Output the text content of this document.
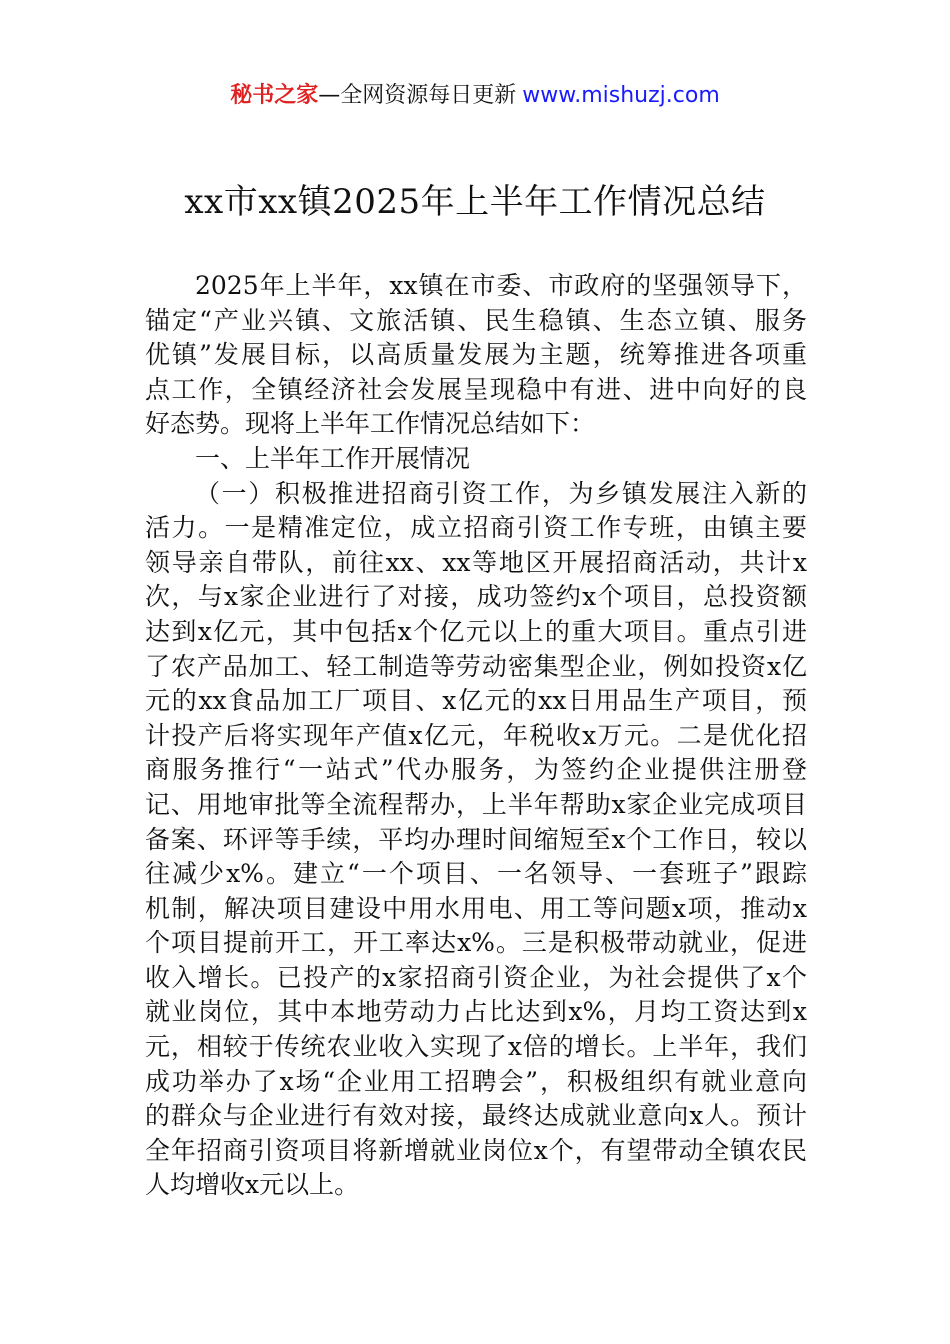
秘书之家—全网资源每日更新 www.mishuzj.com
xx市xx镇2025年上半年工作情况总结
2025年上半年，xx镇在市委、市政府的坚强领导下，
锚定“产业兴镇、文旅活镇、民生稳镇、生态立镇、服务
优镇”发展目标，以高质量发展为主题，统筹推进各项重
点工作，全镇经济社会发展呈现稳中有进、进中向好的良
好态势。现将上半年工作情况总结如下：
一、上半年工作开展情况
（一）积极推进招商引资工作，为乡镇发展注入新的
活力。一是精准定位，成立招商引资工作专班，由镇主要
领导亲自带队，前往xx、xx等地区开展招商活动，共计x
次，与x家企业进行了对接，成功签约x个项目，总投资额
达到x亿元，其中包括x个亿元以上的重大项目。重点引进
了农产品加工、轻工制造等劳动密集型企业，例如投资x亿
元的xx食品加工厂项目、x亿元的xx日用品生产项目，预
计投产后将实现年产值x亿元，年税收x万元。二是优化招
商服务推行“一站式”代办服务，为签约企业提供注册登
记、用地审批等全流程帮办，上半年帮助x家企业完成项目
备案、环评等手续，平均办理时间缩短至x个工作日，较以
往减少x%。建立“一个项目、一名领导、一套班子”跟踪
机制，解决项目建设中用水用电、用工等问题x项，推动x
个项目提前开工，开工率达x%。三是积极带动就业，促进
收入增长。已投产的x家招商引资企业，为社会提供了x个
就业岗位，其中本地劳动力占比达到x%，月均工资达到x
元，相较于传统农业收入实现了x倍的增长。上半年，我们
成功举办了x场“企业用工招聘会”，积极组织有就业意向
的群众与企业进行有效对接，最终达成就业意向x人。预计
全年招商引资项目将新增就业岗位x个，有望带动全镇农民
人均增收x元以上。
